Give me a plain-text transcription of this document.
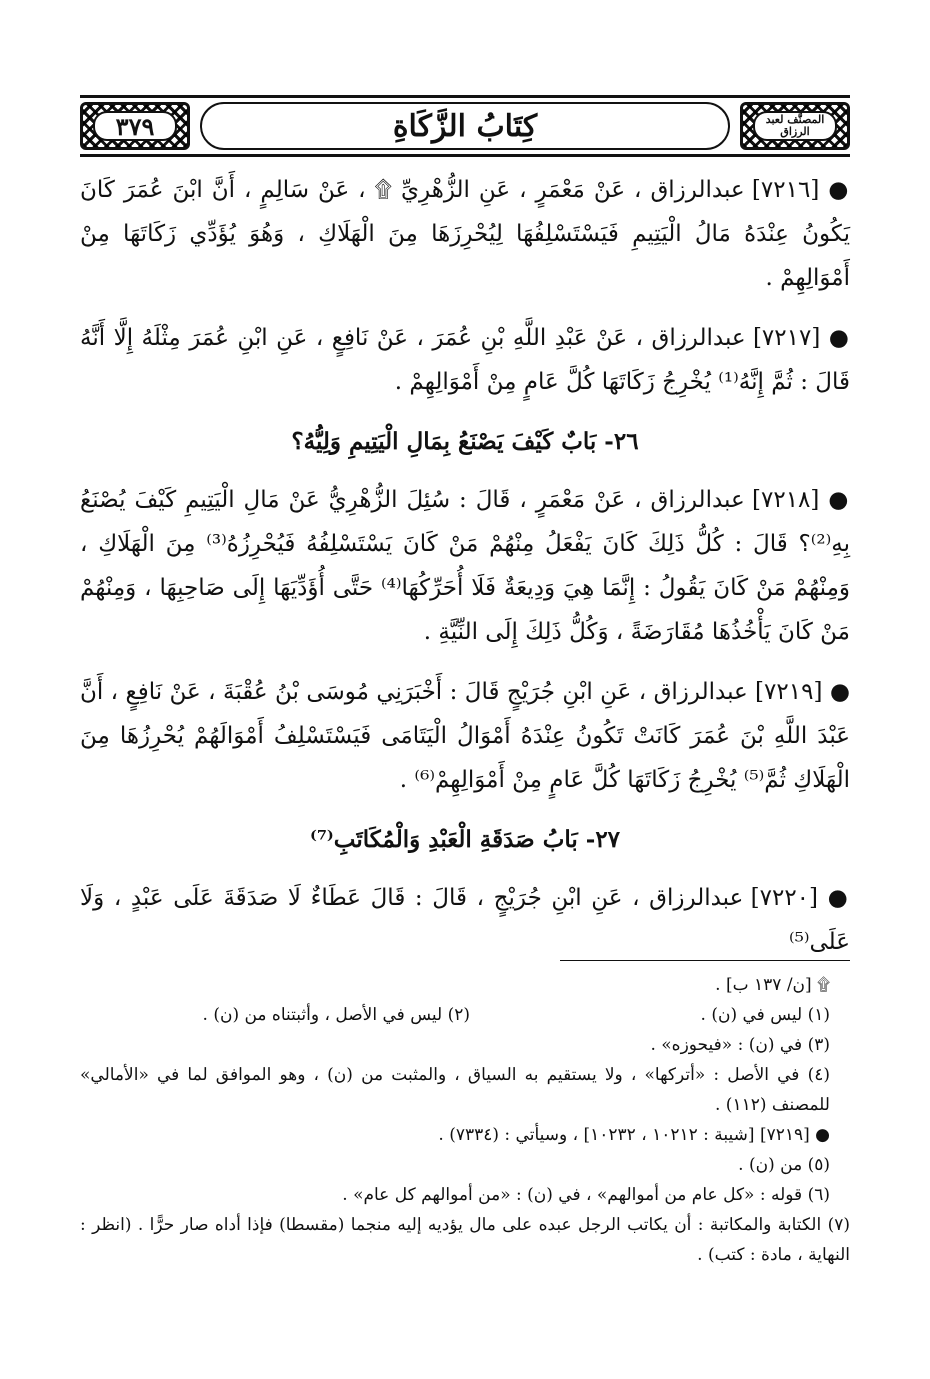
المصنَّف لعبد الرزاق
كِتَابُ الزَّكَاةِ
٣٧٩

● [٧٢١٦] عبدالرزاق ، عَنْ مَعْمَرٍ ، عَنِ الزُّهْرِيِّ ۩ ، عَنْ سَالِمٍ ، أَنَّ ابْنَ عُمَرَ كَانَ يَكُونُ عِنْدَهُ مَالُ الْيَتِيمِ فَيَسْتَسْلِفُهَا لِيُحْرِزَهَا مِنَ الْهَلَاكِ ، وَهُوَ يُؤَدِّي زَكَاتَهَا مِنْ أَمْوَالِهِمْ .

● [٧٢١٧] عبدالرزاق ، عَنْ عَبْدِ اللَّهِ بْنِ عُمَرَ ، عَنْ نَافِعٍ ، عَنِ ابْنِ عُمَرَ مِثْلَهُ إِلَّا أَنَّهُ قَالَ : ثُمَّ إِنَّهُ⁽¹⁾ يُخْرِجُ زَكَاتَهَا كُلَّ عَامٍ مِنْ أَمْوَالِهِمْ .

٢٦- بَابٌ كَيْفَ يَصْنَعُ بِمَالِ الْيَتِيمِ وَلِيُّهُ؟

● [٧٢١٨] عبدالرزاق ، عَنْ مَعْمَرٍ ، قَالَ : سُئِلَ الزُّهْرِيُّ عَنْ مَالِ الْيَتِيمِ كَيْفَ يُصْنَعُ بِهِ⁽²⁾؟ قَالَ : كُلُّ ذَلِكَ كَانَ يَفْعَلُ مِنْهُمْ مَنْ كَانَ يَسْتَسْلِفُهُ فَيُحْرِزُهُ⁽³⁾ مِنَ الْهَلَاكِ ، وَمِنْهُمْ مَنْ كَانَ يَقُولُ : إِنَّمَا هِيَ وَدِيعَةٌ فَلَا أُحَرِّكُهَا⁽⁴⁾ حَتَّى أُؤَدِّيَهَا إِلَى صَاحِبِهَا ، وَمِنْهُمْ مَنْ كَانَ يَأْخُذُهَا مُقَارَضَةً ، وَكُلُّ ذَلِكَ إِلَى النِّيَّةِ .

● [٧٢١٩] عبدالرزاق ، عَنِ ابْنِ جُرَيْجٍ قَالَ : أَخْبَرَنِي مُوسَى بْنُ عُقْبَةَ ، عَنْ نَافِعٍ ، أَنَّ عَبْدَ اللَّهِ بْنَ عُمَرَ كَانَتْ تَكُونُ عِنْدَهُ أَمْوَالُ الْيَتَامَى فَيَسْتَسْلِفُ أَمْوَالَهُمْ يُحْرِزُهَا مِنَ الْهَلَاكِ ثُمَّ⁽⁵⁾ يُخْرِجُ زَكَاتَهَا كُلَّ عَامٍ مِنْ أَمْوَالِهِمْ⁽⁶⁾ .

٢٧- بَابُ صَدَقَةِ الْعَبْدِ وَالْمُكَاتَبِ⁽⁷⁾

● [٧٢٢٠] عبدالرزاق ، عَنِ ابْنِ جُرَيْجٍ ، قَالَ : قَالَ عَطَاءٌ لَا صَدَقَةَ عَلَى عَبْدٍ ، وَلَا عَلَى⁽⁵⁾

۩ [ن/ ١٣٧ ب] .

(١) ليس في (ن) .
(٢) ليس في الأصل ، وأثبتناه من (ن) .

(٣) في (ن) : «فيحوزه» .

(٤) في الأصل : «أتركها» ، ولا يستقيم به السياق ، والمثبت من (ن) ، وهو الموافق لما في «الأمالي» للمصنف (١١٢) .

● [٧٢١٩] [شيبة : ١٠٢١٢ ، ١٠٢٣٢] ، وسيأتي : (٧٣٣٤) .

(٥) من (ن) .

(٦) قوله : «كل عام من أموالهم» ، في (ن) : «من أموالهم كل عام» .

(٧) الكتابة والمكاتبة : أن يكاتب الرجل عبده على مال يؤديه إليه منجما (مقسطا) فإذا أداه صار حرًّا . (انظر : النهاية ، مادة : كتب) .
